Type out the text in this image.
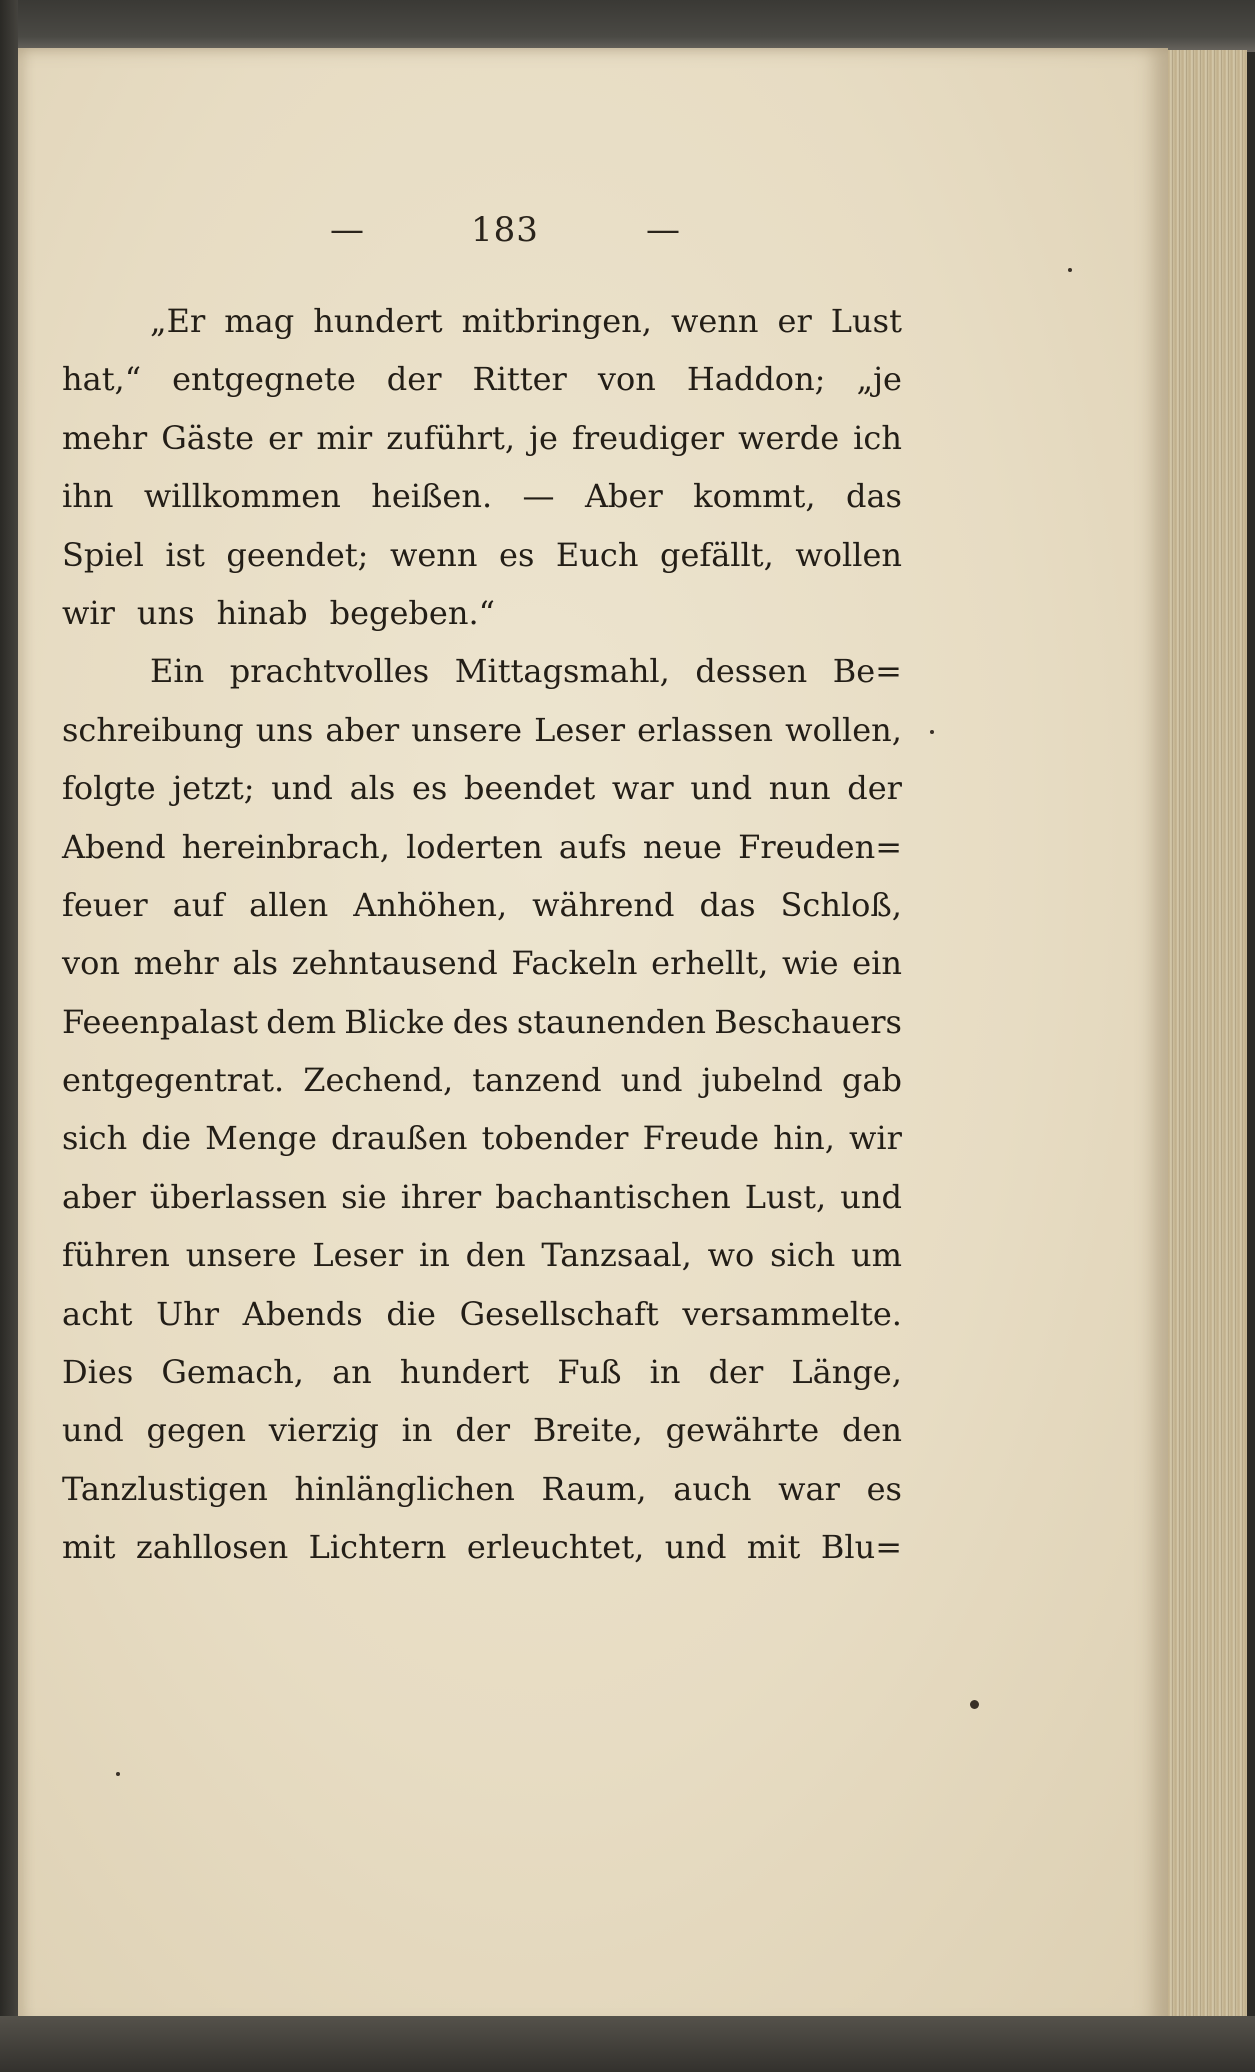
—	183	—
„Er mag hundert mitbringen, wenn er Lust
hat,“ entgegnete der Ritter von Haddon; „je
mehr Gäste er mir zuführt, je freudiger werde ich
ihn willkommen heißen. — Aber kommt, das
Spiel ist geendet; wenn es Euch gefällt, wollen
wir uns hinab begeben.“
Ein prachtvolles Mittagsmahl, dessen Be=
schreibung uns aber unsere Leser erlassen wollen,
folgte jetzt; und als es beendet war und nun der
Abend hereinbrach, loderten aufs neue Freuden=
feuer auf allen Anhöhen, während das Schloß,
von mehr als zehntausend Fackeln erhellt, wie ein
Feeenpalast dem Blicke des staunenden Beschauers
entgegentrat. Zechend, tanzend und jubelnd gab
sich die Menge draußen tobender Freude hin, wir
aber überlassen sie ihrer bachantischen Lust, und
führen unsere Leser in den Tanzsaal, wo sich um
acht Uhr Abends die Gesellschaft versammelte.
Dies Gemach, an hundert Fuß in der Länge,
und gegen vierzig in der Breite, gewährte den
Tanzlustigen hinlänglichen Raum, auch war es
mit zahllosen Lichtern erleuchtet, und mit Blu=
